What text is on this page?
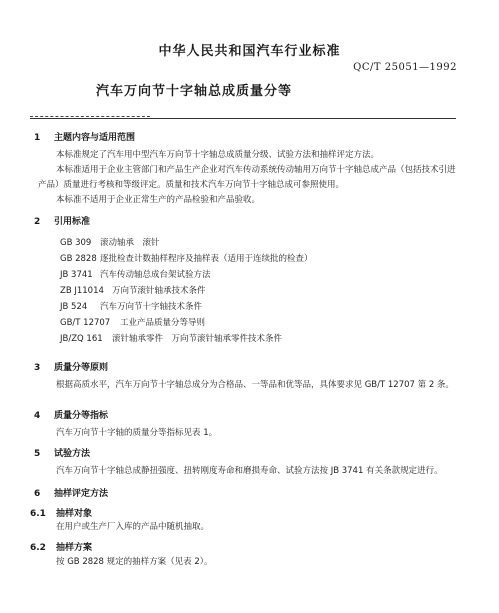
中华人民共和国汽车行业标准
QC/T 25051—1992
汽车万向节十字轴总成质量分等
1 主题内容与适用范围
本标准规定了汽车用中型汽车万向节十字轴总成质量分级、试验方法和抽样评定方法。
本标准适用于企业主管部门和产品生产企业对汽车传动系统传动轴用万向节十字轴总成产品（包括技术引进产品）质量进行考核和等级评定。质量和技术汽车万向节十字轴总成可参照使用。
本标准不适用于企业正常生产的产品检验和产品验收。
2 引用标准
GB 309 滚动轴承　滚针
GB 2828 逐批检查计数抽样程序及抽样表（适用于连续批的检查）
JB 3741 汽车传动轴总成台架试验方法
ZB J11014 万向节滚针轴承技术条件
JB 524 汽车万向节十字轴技术条件
GB/T 12707 工业产品质量分等导则
JB/ZQ 161 滚针轴承零件　万向节滚针轴承零件技术条件
3 质量分等原则
根据高质水平，汽车万向节十字轴总成分为合格品、一等品和优等品，具体要求见 GB/T 12707 第 2 条。
4 质量分等指标
汽车万向节十字轴的质量分等指标见表 1。
5 试验方法
汽车万向节十字轴总成静扭强度、扭转刚度寿命和磨损寿命、试验方法按 JB 3741 有关条款规定进行。
6 抽样评定方法
6.1 抽样对象
在用户或生产厂入库的产品中随机抽取。
6.2 抽样方案
按 GB 2828 规定的抽样方案（见表 2）。
